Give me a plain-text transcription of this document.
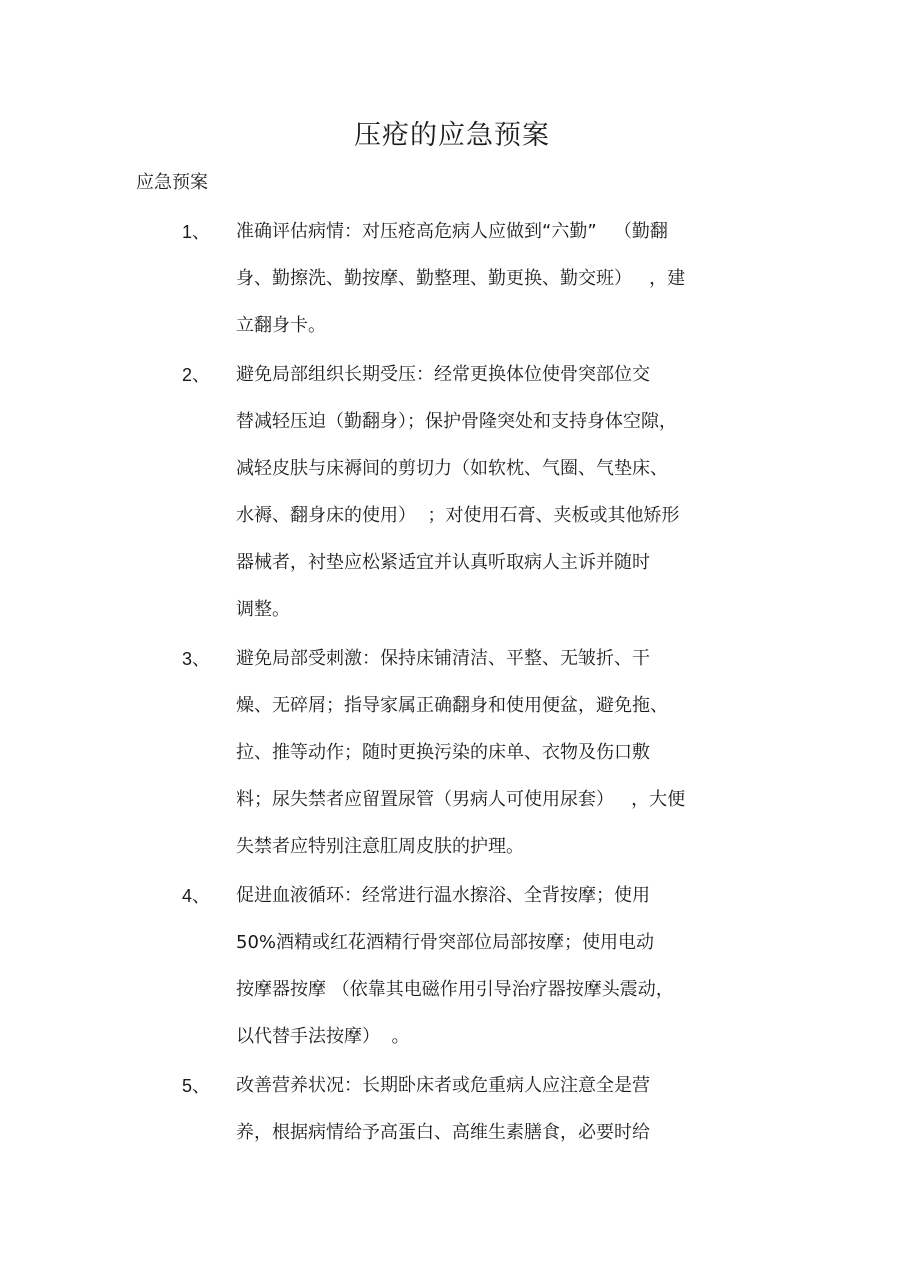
压疮的应急预案
应急预案
1、 准确评估病情：对压疮高危病人应做到“六勤”   （勤翻
身、勤擦洗、勤按摩、勤整理、勤更换、勤交班）   ，建
立翻身卡。
2、 避免局部组织长期受压：经常更换体位使骨突部位交
替减轻压迫（勤翻身）；保护骨隆突处和支持身体空隙，
减轻皮肤与床褥间的剪切力（如软枕、气圈、气垫床、
水褥、翻身床的使用）  ；对使用石膏、夹板或其他矫形
器械者，衬垫应松紧适宜并认真听取病人主诉并随时
调整。
3、 避免局部受刺激：保持床铺清洁、平整、无皱折、干
燥、无碎屑；指导家属正确翻身和使用便盆，避免拖、
拉、推等动作；随时更换污染的床单、衣物及伤口敷
料；尿失禁者应留置尿管（男病人可使用尿套）   ，大便
失禁者应特别注意肛周皮肤的护理。
4、 促进血液循环：经常进行温水擦浴、全背按摩；使用
50%酒精或红花酒精行骨突部位局部按摩；使用电动
按摩器按摩 （依靠其电磁作用引导治疗器按摩头震动，
以代替手法按摩）  。
5、 改善营养状况：长期卧床者或危重病人应注意全是营
养，根据病情给予高蛋白、高维生素膳食，必要时给
